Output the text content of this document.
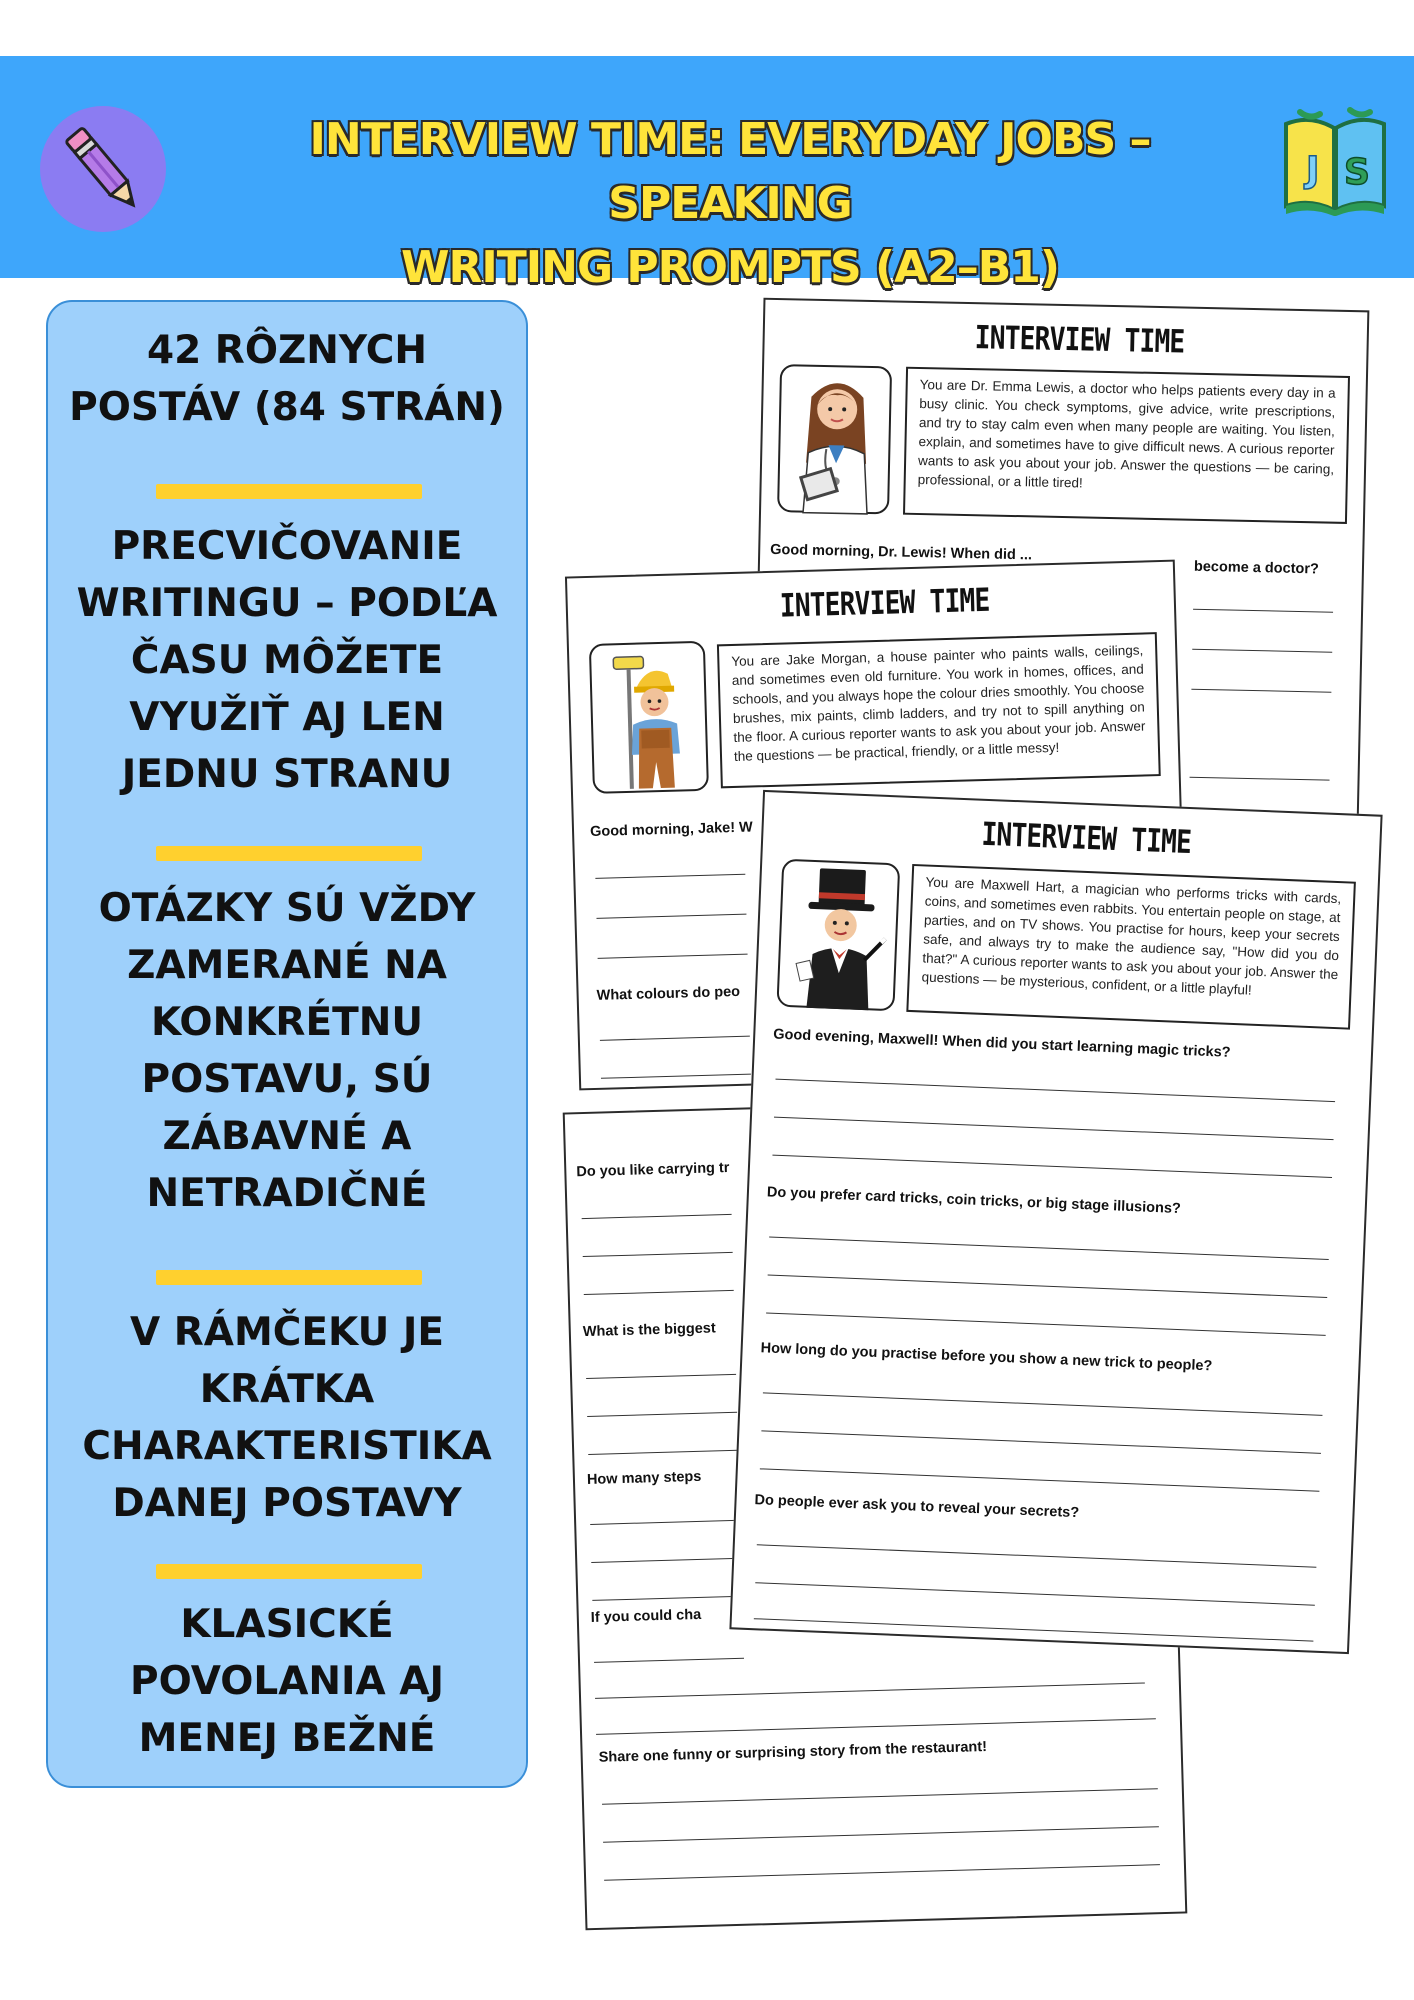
INTERVIEW TIME: EVERYDAY JOBS – SPEAKING
WRITING PROMPTS (A2–B1)
J S
42 RÔZNYCH
POSTÁV (84 STRÁN)
PRECVIČOVANIE
WRITINGU – PODĽA
ČASU MÔŽETE
VYUŽIŤ AJ LEN
JEDNU STRANU
OTÁZKY SÚ VŽDY
ZAMERANÉ NA
KONKRÉTNU
POSTAVU, SÚ
ZÁBAVNÉ A
NETRADIČNÉ
V RÁMČEKU JE
KRÁTKA
CHARAKTERISTIKA
DANEJ POSTAVY
KLASICKÉ
POVOLANIA AJ
MENEJ BEŽNÉ
INTERVIEW TIME
You are Dr. Emma Lewis, a doctor who helps patients every day in a busy clinic. You check symptoms, give advice, write prescriptions, and try to stay calm even when many people are waiting. You listen, explain, and sometimes have to give difficult news. A curious reporter wants to ask you about your job. Answer the questions — be caring, professional, or a little tired!
Good morning, Dr. Lewis! When did ...
become a doctor?
Do you like carrying tr
What is the biggest
How many steps
If you could cha
Share one funny or surprising story from the restaurant!
INTERVIEW TIME
You are Jake Morgan, a house painter who paints walls, ceilings, and sometimes even old furniture. You work in homes, offices, and schools, and you always hope the colour dries smoothly. You choose brushes, mix paints, climb ladders, and try not to spill anything on the floor. A curious reporter wants to ask you about your job. Answer the questions — be practical, friendly, or a little messy!
Good morning, Jake! W
What colours do peo
INTERVIEW TIME
You are Maxwell Hart, a magician who performs tricks with cards, coins, and sometimes even rabbits. You entertain people on stage, at parties, and on TV shows. You practise for hours, keep your secrets safe, and always try to make the audience say, "How did you do that?" A curious reporter wants to ask you about your job. Answer the questions — be mysterious, confident, or a little playful!
Good evening, Maxwell! When did you start learning magic tricks?
Do you prefer card tricks, coin tricks, or big stage illusions?
How long do you practise before you show a new trick to people?
Do people ever ask you to reveal your secrets?
